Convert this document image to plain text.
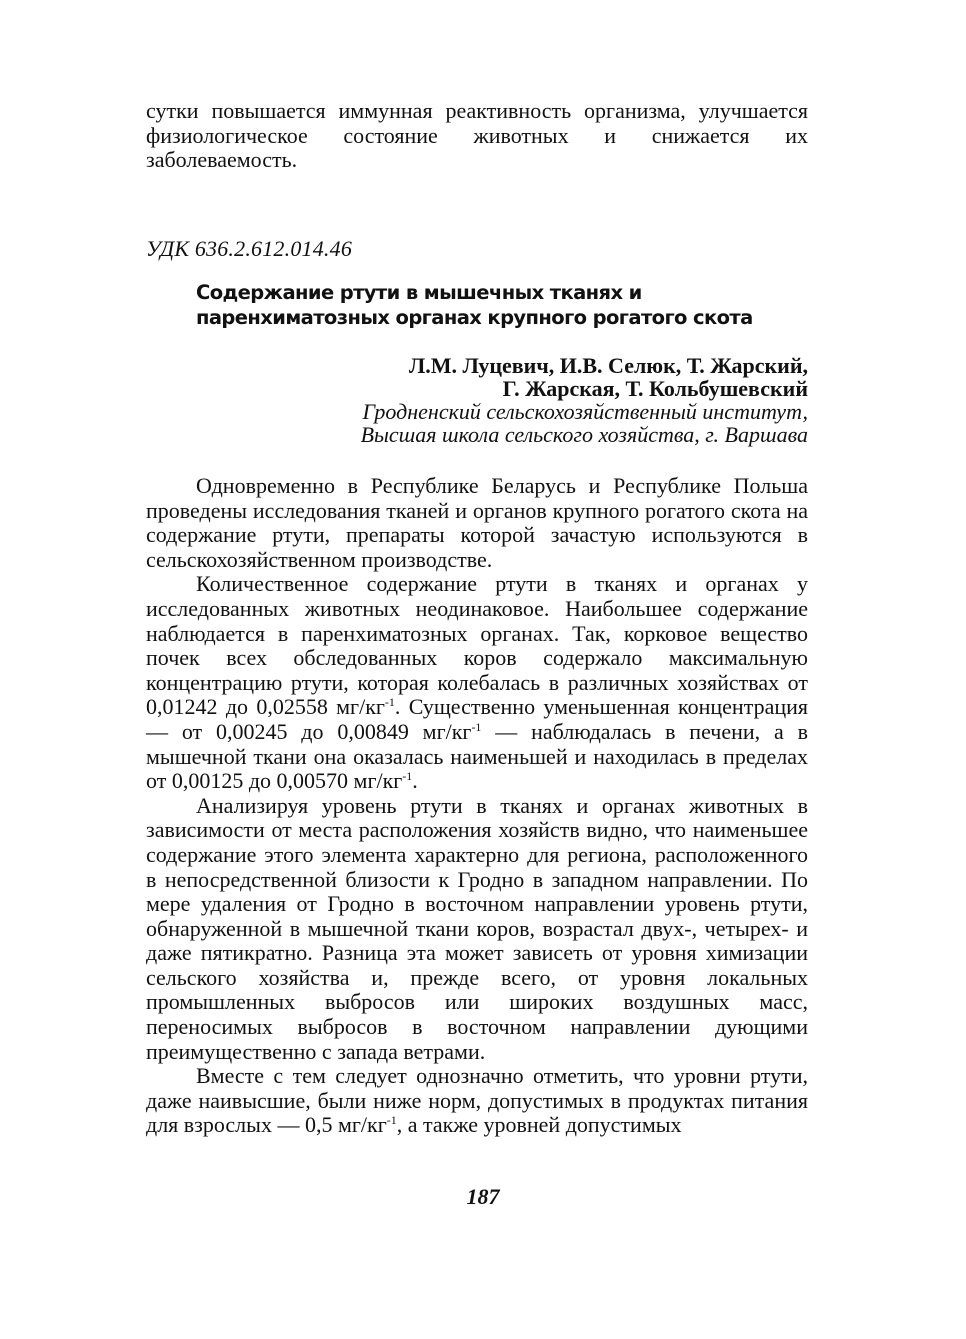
сутки повышается иммунная реактивность организма, улучшается физиологическое состояние животных и снижается их заболеваемость.
УДК 636.2.612.014.46
Содержание ртути в мышечных тканях и
паренхиматозных органах крупного рогатого скота
Л.М. Луцевич, И.В. Селюк, Т. Жарский,
Г. Жарская, Т. Кольбушевский
Гродненский сельскохозяйственный институт,
Высшая школа сельского хозяйства, г. Варшава

Одновременно в Республике Беларусь и Республике Польша проведены исследования тканей и органов крупного рогатого скота на содержание ртути, препараты которой зачастую используются в сельскохозяйственном производстве.

Количественное содержание ртути в тканях и органах у исследованных животных неодинаковое. Наибольшее содержание наблюдается в паренхиматозных органах. Так, корковое вещество почек всех обследованных коров содержало максимальную концентрацию ртути, которая колебалась в различных хозяйствах от 0,01242 до 0,02558 $мг/кг^{-1}$. Существенно уменьшенная концентрация — от 0,00245 до 0,00849 $мг/кг^{-1}$ — наблюдалась в печени, а в мышечной ткани она оказалась наименьшей и находилась в пределах от 0,00125 до 0,00570 $мг/кг^{-1}$.

Анализируя уровень ртути в тканях и органах животных в зависимости от места расположения хозяйств видно, что наименьшее содержание этого элемента характерно для региона, расположенного в непосредственной близости к Гродно в западном направлении. По мере удаления от Гродно в восточном направлении уровень ртути, обнаруженной в мышечной ткани коров, возрастал двух-, четырех- и даже пятикратно. Разница эта может зависеть от уровня химизации сельского хозяйства и, прежде всего, от уровня локальных промышленных выбросов или широких воздушных масс, переносимых выбросов в восточном направлении дующими преимущественно с запада ветрами.

Вместе с тем следует однозначно отметить, что уровни ртути, даже наивысшие, были ниже норм, допустимых в продуктах питания для взрослых — 0,5 $мг/кг^{-1}$, а также уровней допустимых

187
